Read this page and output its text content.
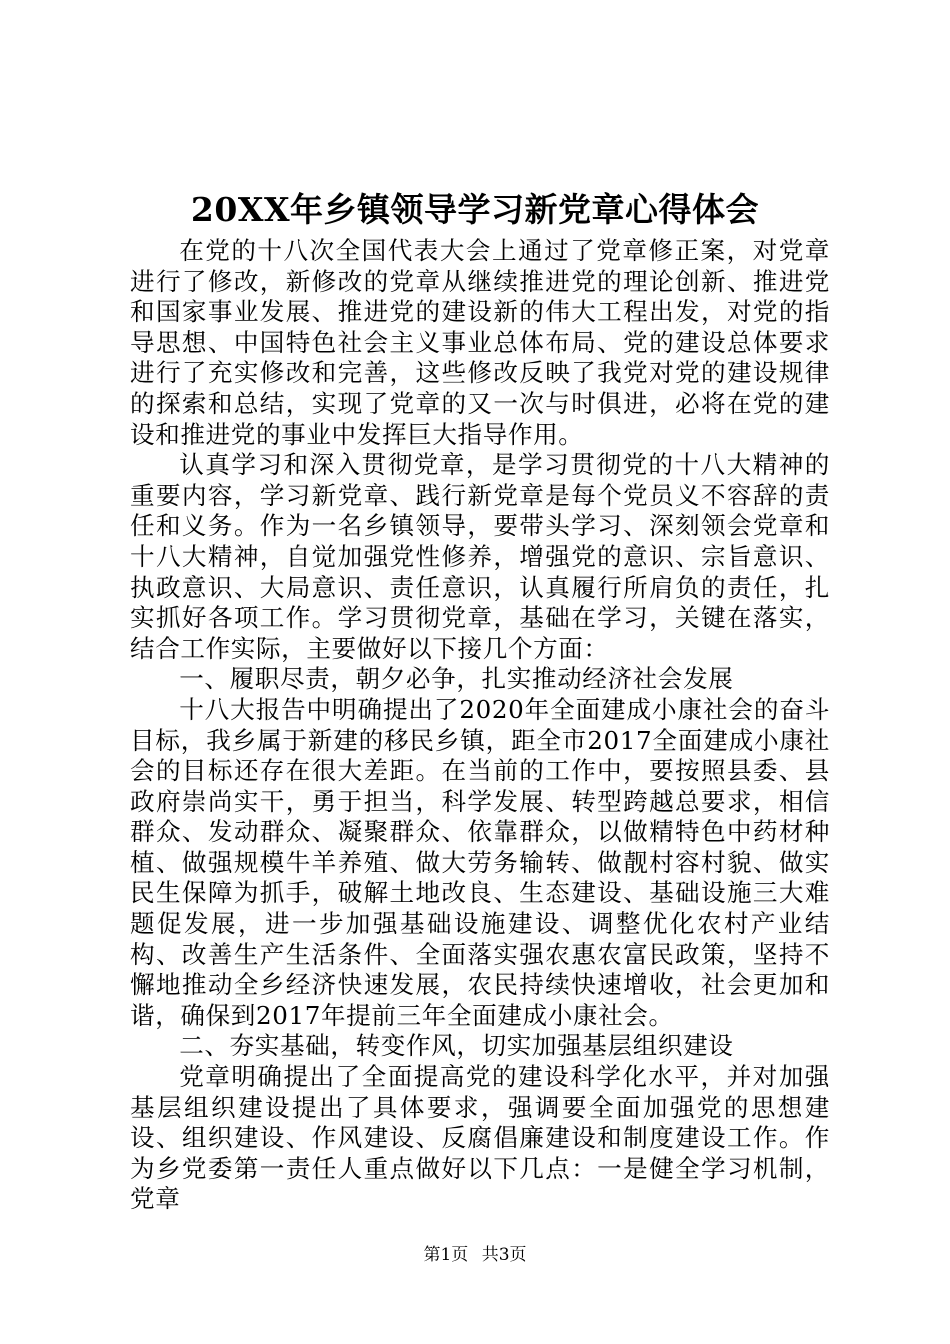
20XX年乡镇领导学习新党章心得体会

在党的十八次全国代表大会上通过了党章修正案，对党章进行了修改，新修改的党章从继续推进党的理论创新、推进党和国家事业发展、推进党的建设新的伟大工程出发，对党的指导思想、中国特色社会主义事业总体布局、党的建设总体要求进行了充实修改和完善，这些修改反映了我党对党的建设规律的探索和总结，实现了党章的又一次与时俱进，必将在党的建设和推进党的事业中发挥巨大指导作用。

认真学习和深入贯彻党章，是学习贯彻党的十八大精神的重要内容，学习新党章、践行新党章是每个党员义不容辞的责任和义务。作为一名乡镇领导，要带头学习、深刻领会党章和十八大精神，自觉加强党性修养，增强党的意识、宗旨意识、执政意识、大局意识、责任意识，认真履行所肩负的责任，扎实抓好各项工作。学习贯彻党章，基础在学习，关键在落实，结合工作实际，主要做好以下接几个方面：

一、履职尽责，朝夕必争，扎实推动经济社会发展

十八大报告中明确提出了2020年全面建成小康社会的奋斗目标，我乡属于新建的移民乡镇，距全市2017全面建成小康社会的目标还存在很大差距。在当前的工作中，要按照县委、县政府崇尚实干，勇于担当，科学发展、转型跨越总要求，相信群众、发动群众、凝聚群众、依靠群众，以做精特色中药材种植、做强规模牛羊养殖、做大劳务输转、做靓村容村貌、做实民生保障为抓手，破解土地改良、生态建设、基础设施三大难题促发展，进一步加强基础设施建设、调整优化农村产业结构、改善生产生活条件、全面落实强农惠农富民政策，坚持不懈地推动全乡经济快速发展，农民持续快速增收，社会更加和谐，确保到2017年提前三年全面建成小康社会。

二、夯实基础，转变作风，切实加强基层组织建设

党章明确提出了全面提高党的建设科学化水平，并对加强基层组织建设提出了具体要求，强调要全面加强党的思想建设、组织建设、作风建设、反腐倡廉建设和制度建设工作。作为乡党委第一责任人重点做好以下几点：一是健全学习机制，党章

第1页 共3页
